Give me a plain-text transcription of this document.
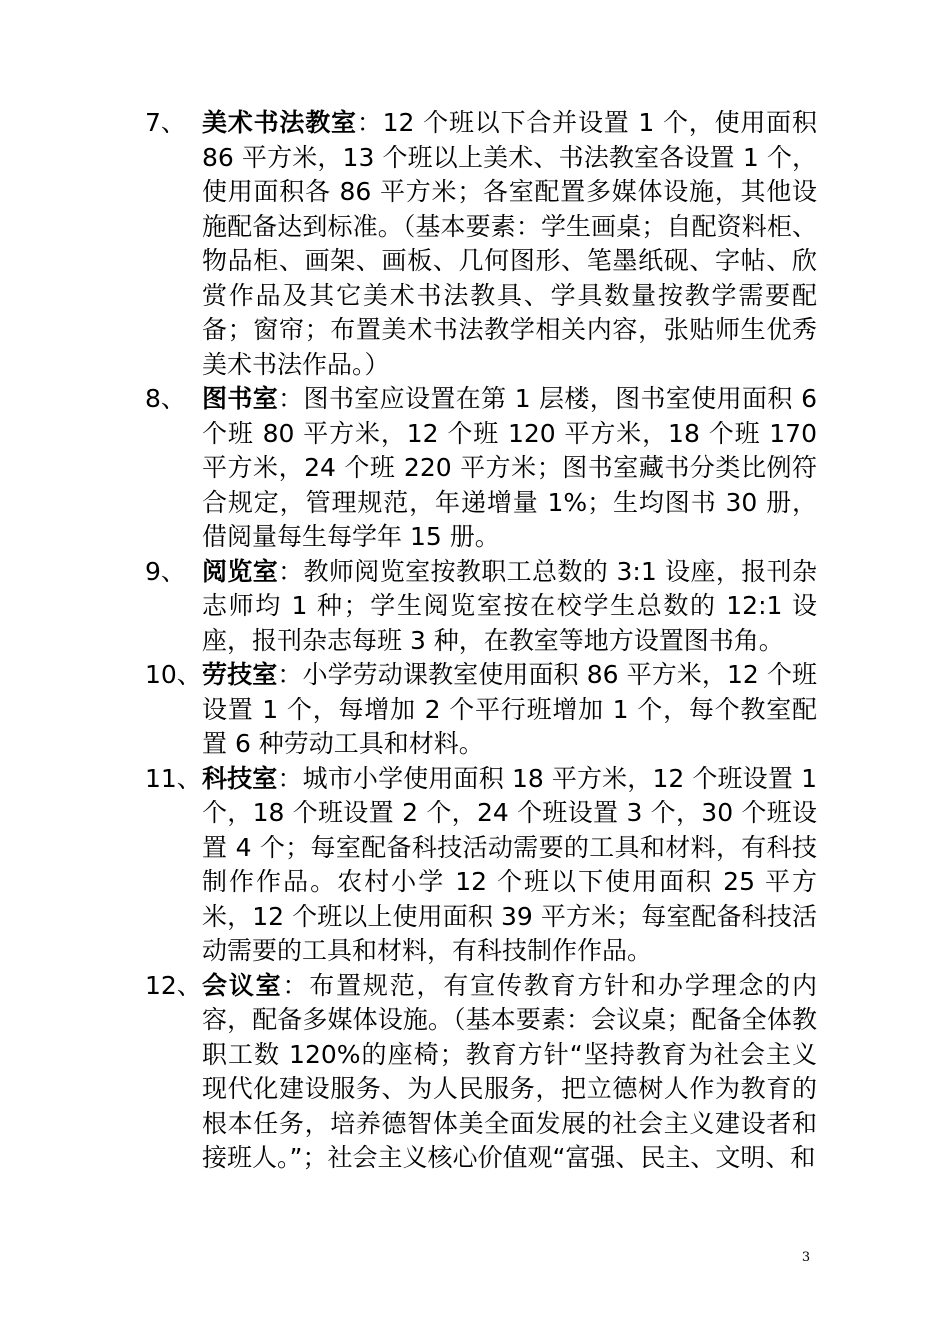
7、 美术书法教室：12 个班以下合并设置 1 个，使用面积 86 平方米，13 个班以上美术、书法教室各设置 1 个，使用面积各 86 平方米；各室配置多媒体设施，其他设施配备达到标准。（基本要素：学生画桌；自配资料柜、物品柜、画架、画板、几何图形、笔墨纸砚、字帖、欣赏作品及其它美术书法教具、学具数量按教学需要配备；窗帘；布置美术书法教学相关内容，张贴师生优秀美术书法作品。）
8、 图书室：图书室应设置在第 1 层楼，图书室使用面积 6 个班 80 平方米，12 个班 120 平方米，18 个班 170 平方米，24 个班 220 平方米；图书室藏书分类比例符合规定，管理规范，年递增量 1%；生均图书 30 册，借阅量每生每学年 15 册。
9、 阅览室：教师阅览室按教职工总数的 3:1 设座，报刊杂志师均 1 种；学生阅览室按在校学生总数的 12:1 设座，报刊杂志每班 3 种，在教室等地方设置图书角。
10、 劳技室：小学劳动课教室使用面积 86 平方米，12 个班设置 1 个，每增加 2 个平行班增加 1 个，每个教室配置 6 种劳动工具和材料。
11、 科技室：城市小学使用面积 18 平方米，12 个班设置 1 个，18 个班设置 2 个，24 个班设置 3 个，30 个班设置 4 个；每室配备科技活动需要的工具和材料，有科技制作作品。农村小学 12 个班以下使用面积 25 平方米，12 个班以上使用面积 39 平方米；每室配备科技活动需要的工具和材料，有科技制作作品。
12、 会议室：布置规范，有宣传教育方针和办学理念的内容，配备多媒体设施。（基本要素：会议桌；配备全体教职工数 120%的座椅；教育方针“坚持教育为社会主义现代化建设服务、为人民服务，把立德树人作为教育的根本任务，培养德智体美全面发展的社会主义建设者和接班人。”；社会主义核心价值观“富强、民主、文明、和
3
